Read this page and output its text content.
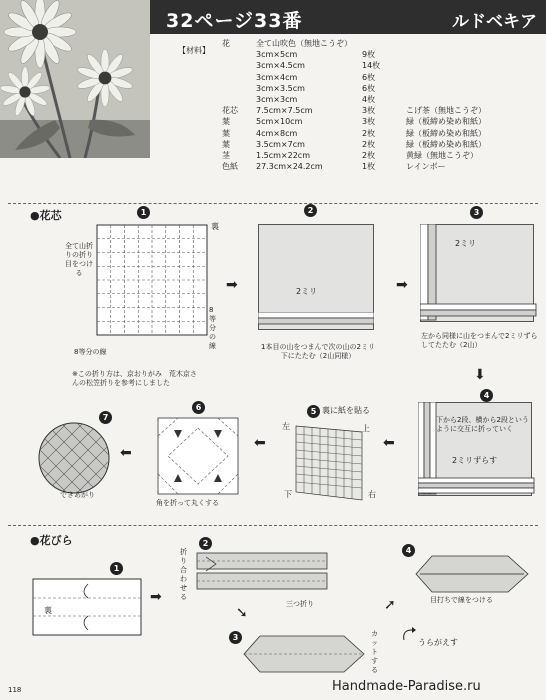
32ページ33番	ルドベキア
【材料】
花	全て山吹色（無地こうぞ）
3cm×5cm	9枚
3cm×4.5cm	14枚
3cm×4cm	6枚
3cm×3.5cm	6枚
3cm×3cm	4枚
花芯 7.5cm×7.5cm	3枚	こげ茶（無地こうぞ）
葉	5cm×10cm	3枚	緑（板締め染め和紙）
葉	4cm×8cm	2枚	緑（板締め染め和紙）
葉	3.5cm×7cm	2枚	緑（板締め染め和紙）
茎	1.5cm×22cm	2枚	黄緑（無地こうぞ）
色紙 27.3cm×24.2cm	1枚	レインボー
●花芯	1
裏
全て山折りの折り目をつける
8等分の線
8等分の線
※この折り方は、京おりがみ　荒木京さんの松笠折りを参考にしました
➡
2
2ミリ
1本目の山をつまんで次の山の2ミリ下にたたむ（2山同様）
➡
3
2ミリ
左から同様に山をつまんで2ミリずらしてたたむ（2山）
⬇
4
下から2段、横から2段というように交互に折っていく
2ミリずらす
⬅
5 裏に紙を貼る
左	上
下	右
⬅
6
角を折って丸くする
⬅
7
できあがり
●花びら
1
裏
➡
2
折り合わせる
三つ折り
➘
3	カットする
➚
4
目打ちで線をつける
うらがえす
118	Handmade-Paradise.ru
